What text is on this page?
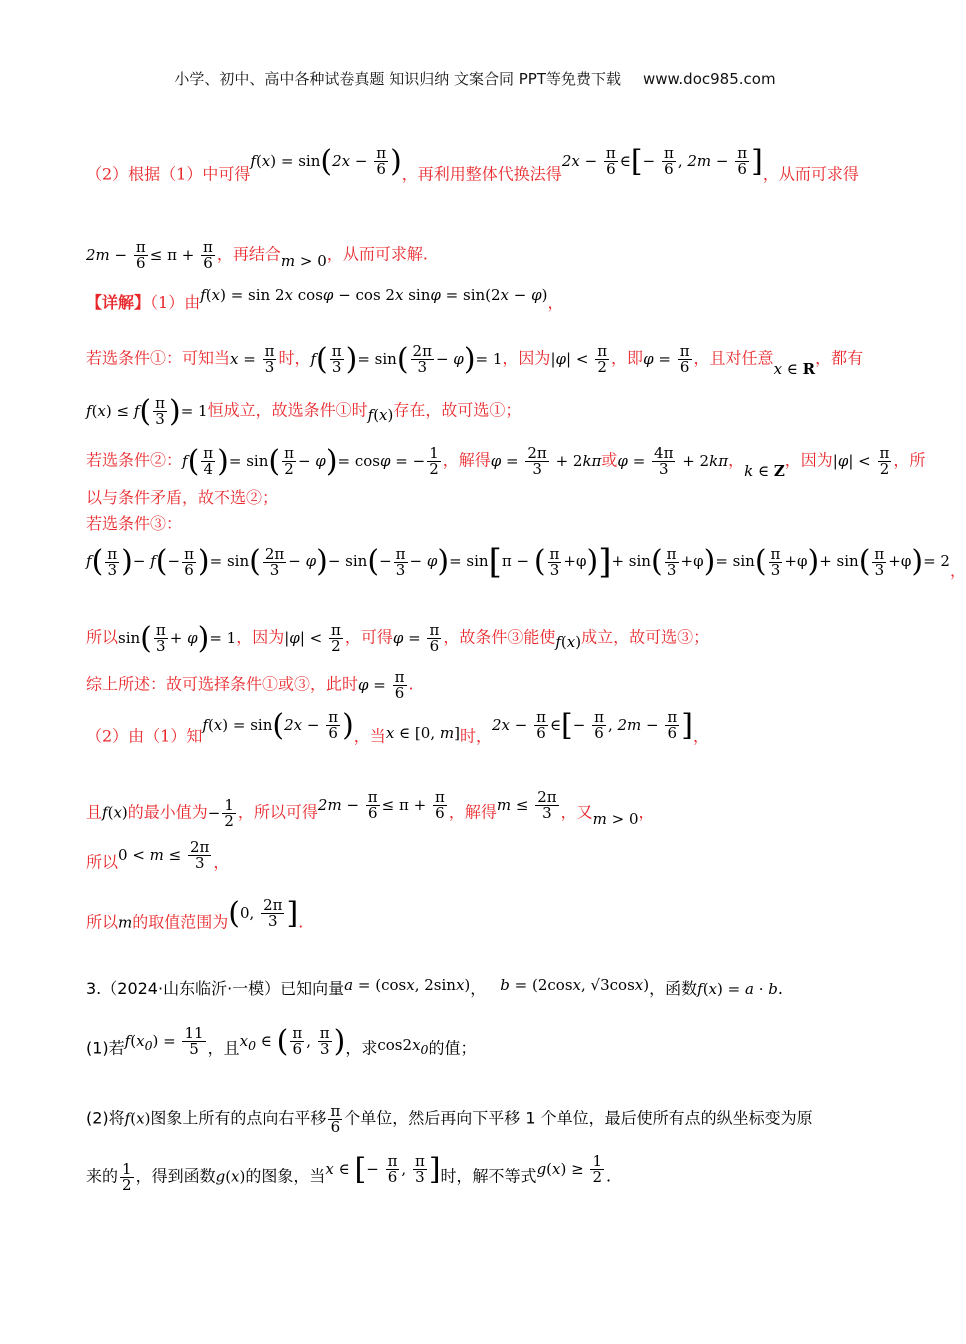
小学、初中、高中各种试卷真题 知识归纳 文案合同 PPT等免费下载 www.doc985.com
（2）根据（1）中可得$f(x) = \sin(2x - \frac{\pi}{6}$ )，再利用整体代换法得$2x - \frac{\pi}{6}$ ∈[− $\frac{\pi}{6}$ , $2m - \frac{\pi}{6}$ ]，从而可求得
$2m - \frac{\pi}{6} \le \pi + \frac{\pi}{6}$ ，再结合m > 0，从而可求解.
【详解】（1）由f(x) = sin 2x cosφ − cos 2x sinφ = sin(2x − φ)，
若选条件①：可知当$x = \frac{\pi}{3}$ 时，$f( \frac{\pi}{3}$ )= $\sin( \frac{2\pi}{3} - \varphi)= 1$，因为$|\varphi| < \frac{\pi}{2}$ ，即$\varphi = \frac{\pi}{6}$ ，且对任意x ∈ R，都有
$f(x) \le f( \frac{\pi}{3}$ )= 1恒成立，故选条件①时f(x)存在，故可选①；
若选条件②：$f( \frac{\pi}{4}$ )= $\sin( \frac{\pi}{2} - \varphi)= \cos\varphi$ = − $\frac{1}{2}$ ，解得$\varphi = \frac{2\pi}{3} + 2k\pi$或$\varphi = \frac{4\pi}{3} + 2k\pi$，k ∈ Z，因为$|\varphi| < \frac{\pi}{2}$ ，所
以与条件矛盾，故不选②；
若选条件③：
$f( \frac{\pi}{3}$ )− $f(- \frac{\pi}{6}$ )= $\sin( \frac{2\pi}{3} - \varphi)- \sin(- \frac{\pi}{3} - \varphi)= \sin[\pi$ − ( $\frac{\pi}{3} +\varphi)]+ \sin( \frac{\pi}{3} +\varphi)= \sin( \frac{\pi}{3} +\varphi)+ \sin( \frac{\pi}{3} +\varphi)= 2$，
所以$\sin( \frac{\pi}{3} + \varphi)= 1$，因为$|\varphi| < \frac{\pi}{2}$ ，可得$\varphi = \frac{\pi}{6}$ ，故条件③能使f(x)成立，故可选③；
综上所述：故可选择条件①或③，此时$\varphi = \frac{\pi}{6}$ .
（2）由（1）知$f(x) = \sin(2x - \frac{\pi}{6}$ )，当x ∈ [0, m]时，$2x - \frac{\pi}{6}$ ∈[− $\frac{\pi}{6}$ , $2m - \frac{\pi}{6}$ ]，
且f(x)的最小值为− $\frac{1}{2}$ ，所以可得$2m - \frac{\pi}{6} \le \pi + \frac{\pi}{6}$ ，解得$m \le \frac{2\pi}{3}$ ，又m > 0，
所以$0 < m \le \frac{2\pi}{3}$ ，
所以m的取值范围为(0, $\frac{2\pi}{3}$ ].
3.（2024·山东临沂·一模）已知向量a = (cosx, 2sinx)， b = (2cosx, √3cosx)，函数f(x) = a · b.
(1)若$f(x_0) = \frac{11}{5}$ ，且$x_0$ ∈ ( $\frac{\pi}{6}$ , $\frac{\pi}{3}$ )，求$\cos 2x_0$的值；
(2)将f(x)图象上所有的点向右平移 $\frac{\pi}{6}$ 个单位，然后再向下平移 1 个单位，最后使所有点的纵坐标变为原
来的 $\frac{1}{2}$ ，得到函数g(x)的图象，当x ∈ [− $\frac{\pi}{6}$ , $\frac{\pi}{3}$ ]时，解不等式$g(x) \ge \frac{1}{2}$ .
